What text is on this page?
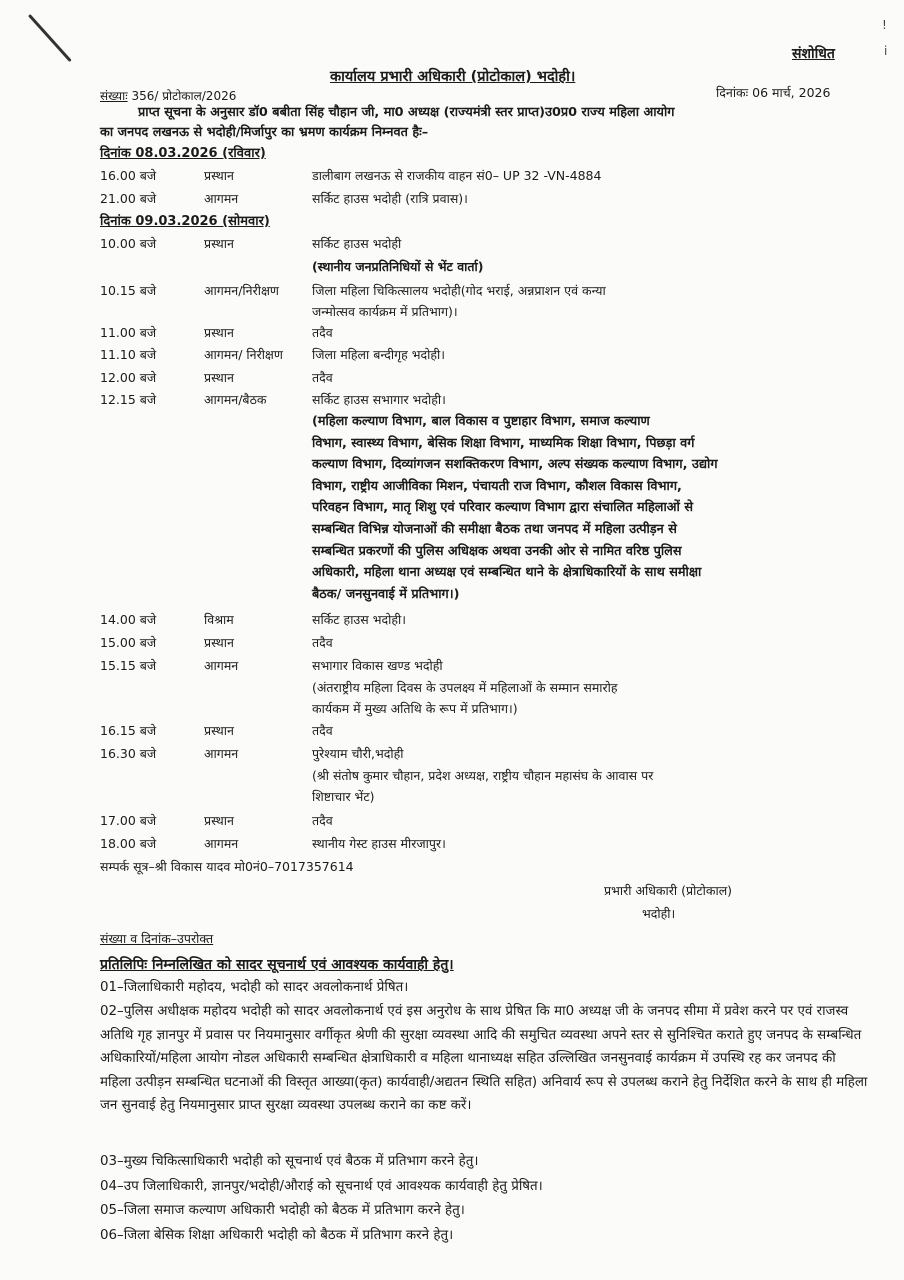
!
i
संशोधित
कार्यालय प्रभारी अधिकारी (प्रोटोकाल) भदोही।
संख्याः 356/ प्रोटोकाल/2026	दिनांकः 06 मार्च, 2026
प्राप्त सूचना के अनुसार डॉ0 बबीता सिंह चौहान जी, मा0 अध्यक्ष (राज्यमंत्री स्तर प्राप्त)उ0प्र0 राज्य महिला आयोग
का जनपद लखनऊ से भदोही/मिर्जापुर का भ्रमण कार्यक्रम निम्नवत हैः–
दिनांक 08.03.2026 (रविवार)
16.00 बजे	प्रस्थान	डालीबाग लखनऊ से राजकीय वाहन सं0– UP 32 -VN-4884
21.00 बजे	आगमन	सर्किट हाउस भदोही (रात्रि प्रवास)।
दिनांक 09.03.2026 (सोमवार)
10.00 बजे	प्रस्थान	सर्किट हाउस भदोही
(स्थानीय जनप्रतिनिधियों से भेंट वार्ता)
10.15 बजे	आगमन/निरीक्षण	जिला महिला चिकित्सालय भदोही(गोद भराई, अन्नप्राशन एवं कन्या
जन्मोत्सव कार्यक्रम में प्रतिभाग)।
11.00 बजे	प्रस्थान	तदैव
11.10 बजे	आगमन/ निरीक्षण	जिला महिला बन्दीगृह भदोही।
12.00 बजे	प्रस्थान	तदैव
12.15 बजे	आगमन/बैठक	सर्किट हाउस सभागार भदोही।
(महिला कल्याण विभाग, बाल विकास व पुष्टाहार विभाग, समाज कल्याण
विभाग, स्वास्थ्य विभाग, बेसिक शिक्षा विभाग, माध्यमिक शिक्षा विभाग, पिछड़ा वर्ग
कल्याण विभाग, दिव्यांगजन सशक्तिकरण विभाग, अल्प संख्यक कल्याण विभाग, उद्योग
विभाग, राष्ट्रीय आजीविका मिशन, पंचायती राज विभाग, कौशल विकास विभाग,
परिवहन विभाग, मातृ शिशु एवं परिवार कल्याण विभाग द्वारा संचालित महिलाओं से
सम्बन्धित विभिन्न योजनाओं की समीक्षा बैठक तथा जनपद में महिला उत्पीड़न से
सम्बन्धित प्रकरणों की पुलिस अधिक्षक अथवा उनकी ओर से नामित वरिष्ठ पुलिस
अधिकारी, महिला थाना अध्यक्ष एवं सम्बन्धित थाने के क्षेत्राधिकारियों के साथ समीक्षा
बैठक/ जनसुनवाई में प्रतिभाग।)
14.00 बजे	विश्राम	सर्किट हाउस भदोही।
15.00 बजे	प्रस्थान	तदैव
15.15 बजे	आगमन	सभागार विकास खण्ड भदोही
(अंतराष्ट्रीय महिला दिवस के उपलक्ष्य में महिलाओं के सम्मान समारोह
कार्यकम में मुख्य अतिथि के रूप में प्रतिभाग।)
16.15 बजे	प्रस्थान	तदैव
16.30 बजे	आगमन	पुरेश्याम चौरी,भदोही
(श्री संतोष कुमार चौहान, प्रदेश अध्यक्ष, राष्ट्रीय चौहान महासंघ के आवास पर
शिष्टाचार भेंट)
17.00 बजे	प्रस्थान	तदैव
18.00 बजे	आगमन	स्थानीय गेस्ट हाउस मीरजापुर।
सम्पर्क सूत्र–श्री विकास यादव मो0नं0–7017357614
प्रभारी अधिकारी (प्रोटोकाल)
भदोही।
संख्या व दिनांक–उपरोक्त
प्रतिलिपिः निम्नलिखित को सादर सूचनार्थ एवं आवश्यक कार्यवाही हेतु।
01–जिलाधिकारी महोदय, भदोही को सादर अवलोकनार्थ प्रेषित।
02–पुलिस अधीक्षक महोदय भदोही को सादर अवलोकनार्थ एवं इस अनुरोध के साथ प्रेषित कि मा0 अध्यक्ष जी के जनपद सीमा में प्रवेश करने पर एवं राजस्व अतिथि गृह ज्ञानपुर में प्रवास पर नियमानुसार वर्गीकृत श्रेणी की सुरक्षा व्यवस्था आदि की समुचित व्यवस्था अपने स्तर से सुनिश्चित कराते हुए जनपद के सम्बन्धित अधिकारियों/महिला आयोग नोडल अधिकारी सम्बन्धित क्षेत्राधिकारी व महिला थानाध्यक्ष सहित उल्लिखित जनसुनवाई कार्यक्रम में उपस्थि रह कर जनपद की महिला उत्पीड़न सम्बन्धित घटनाओं की विस्तृत आख्या(कृत) कार्यवाही/अद्यतन स्थिति सहित) अनिवार्य रूप से उपलब्ध कराने हेतु निर्देशित करने के साथ ही महिला जन सुनवाई हेतु नियमानुसार प्राप्त सुरक्षा व्यवस्था उपलब्ध कराने का कष्ट करें।
03–मुख्य चिकित्साधिकारी भदोही को सूचनार्थ एवं बैठक में प्रतिभाग करने हेतु।
04–उप जिलाधिकारी, ज्ञानपुर/भदोही/औराई को सूचनार्थ एवं आवश्यक कार्यवाही हेतु प्रेषित।
05–जिला समाज कल्याण अधिकारी भदोही को बैठक में प्रतिभाग करने हेतु।
06–जिला बेसिक शिक्षा अधिकारी भदोही को बैठक में प्रतिभाग करने हेतु।
